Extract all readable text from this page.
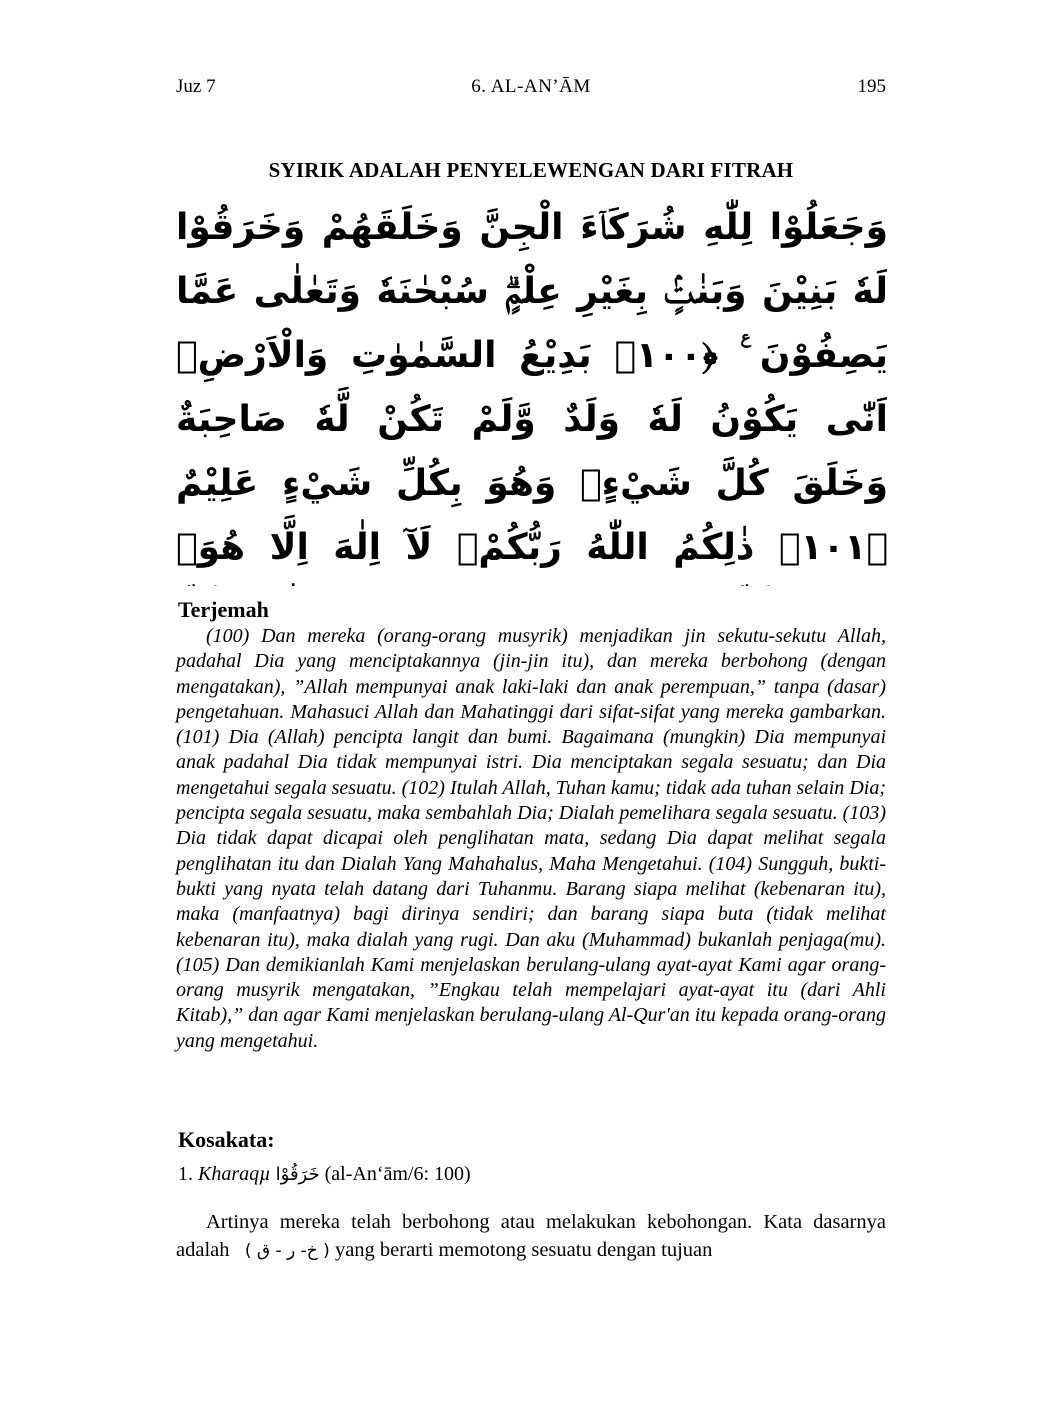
Juz 7	6. AL-AN’ĀM	195
SYIRIK ADALAH PENYELEWENGAN DARI FITRAH
وَجَعَلُوْا لِلّٰهِ شُرَكَاۤءَ الْجِنَّ وَخَلَقَهُمْ وَخَرَقُوْا لَهٗ بَنِيْنَ وَبَنٰتٍۢ بِغَيْرِ عِلْمٍۗ سُبْحٰنَهٗ وَتَعٰلٰى عَمَّا يَصِفُوْنَ ࣖ ﴿١٠٠﴾ بَدِيْعُ السَّمٰوٰتِ وَالْاَرْضِۗ اَنّٰى يَكُوْنُ لَهٗ وَلَدٌ وَّلَمْ تَكُنْ لَّهٗ صَاحِبَةٌ ۗوَخَلَقَ كُلَّ شَيْءٍۚ وَهُوَ بِكُلِّ شَيْءٍ عَلِيْمٌ ﴿١٠١﴾ ذٰلِكُمُ اللّٰهُ رَبُّكُمْۚ لَآ اِلٰهَ اِلَّا هُوَۚ
Terjemah

(100) Dan mereka (orang-orang musyrik) menjadikan jin sekutu-sekutu Allah, padahal Dia yang menciptakannya (jin-jin itu), dan mereka berbohong (dengan mengatakan), ”Allah mempunyai anak laki-laki dan anak perempuan,” tanpa (dasar) pengetahuan. Mahasuci Allah dan Mahatinggi dari sifat-sifat yang mereka gambarkan. (101) Dia (Allah) pencipta langit dan bumi. Bagaimana (mungkin) Dia mempunyai anak padahal Dia tidak mempunyai istri. Dia menciptakan segala sesuatu; dan Dia mengetahui segala sesuatu. (102) Itulah Allah, Tuhan kamu; tidak ada tuhan selain Dia; pencipta segala sesuatu, maka sembahlah Dia; Dialah pemelihara segala sesuatu. (103) Dia tidak dapat dicapai oleh penglihatan mata, sedang Dia dapat melihat segala penglihatan itu dan Dialah Yang Mahahalus, Maha Mengetahui. (104) Sungguh, bukti-bukti yang nyata telah datang dari Tuhanmu. Barang siapa melihat (kebenaran itu), maka (manfaatnya) bagi dirinya sendiri; dan barang siapa buta (tidak melihat kebenaran itu), maka dialah yang rugi. Dan aku (Muhammad) bukanlah penjaga(mu). (105) Dan demikianlah Kami menjelaskan berulang-ulang ayat-ayat Kami agar orang-orang musyrik mengatakan, ”Engkau telah mempelajari ayat-ayat itu (dari Ahli Kitab),” dan agar Kami menjelaskan berulang-ulang Al-Qur'an itu kepada orang-orang yang mengetahui.

Kosakata:
1. Kharaqµ خَرَقُوْا (al-An‘ām/6: 100)

Artinya mereka telah berbohong atau melakukan kebohongan. Kata dasarnya adalah ( خ- ر - ق ) yang berarti memotong sesuatu dengan tujuan
